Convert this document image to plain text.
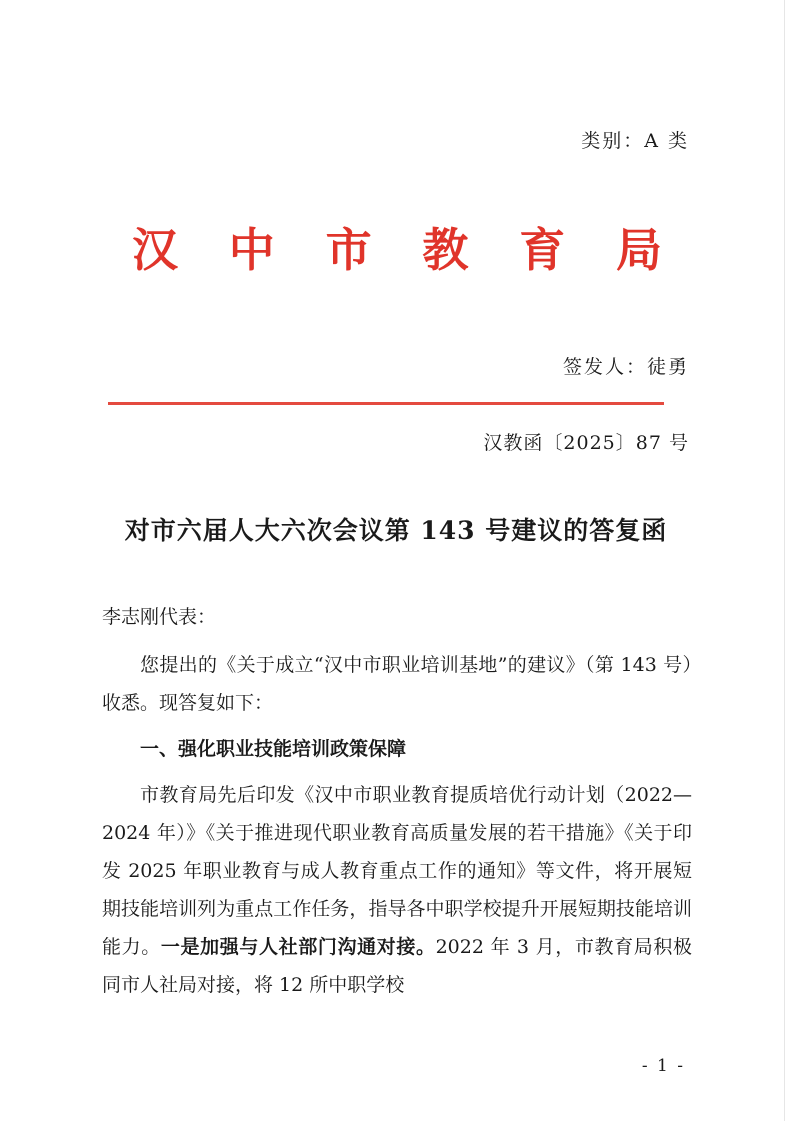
类别：A 类
汉 中 市 教 育 局
签发人：徒勇
汉教函〔2025〕87 号
对市六届人大六次会议第 143 号建议的答复函

李志刚代表：

您提出的《关于成立“汉中市职业培训基地”的建议》（第 143 号）收悉。现答复如下：

一、强化职业技能培训政策保障

市教育局先后印发《汉中市职业教育提质培优行动计划（2022—2024 年）》《关于推进现代职业教育高质量发展的若干措施》《关于印发 2025 年职业教育与成人教育重点工作的通知》等文件，将开展短期技能培训列为重点工作任务，指导各中职学校提升开展短期技能培训能力。一是加强与人社部门沟通对接。2022 年 3 月，市教育局积极同市人社局对接，将 12 所中职学校

- 1 -
